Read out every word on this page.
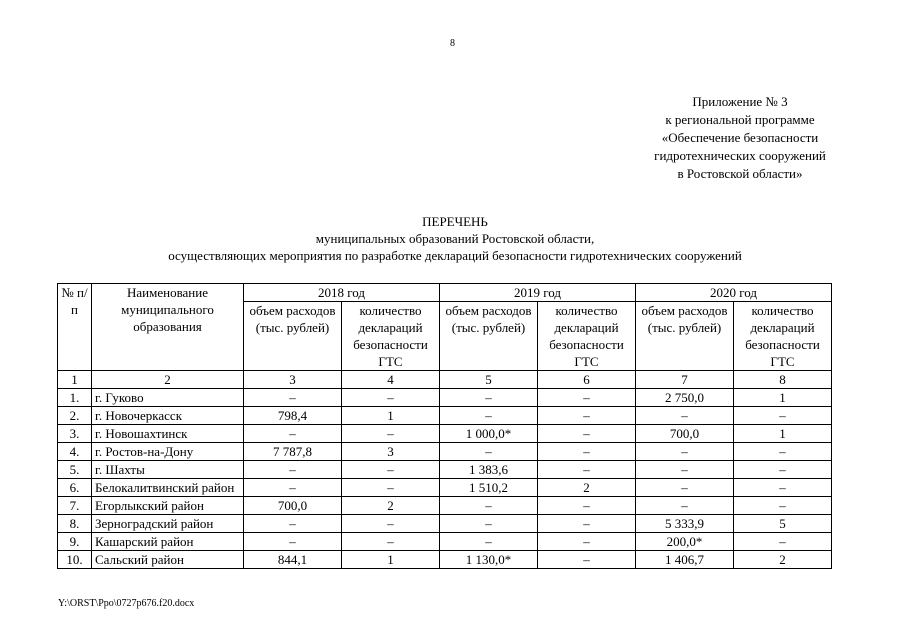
8
Приложение № 3
к региональной программе
«Обеспечение безопасности
гидротехнических сооружений
в Ростовской области»
ПЕРЕЧЕНЬ
муниципальных образований Ростовской области,
осуществляющих мероприятия по разработке деклараций безопасности гидротехнических сооружений
№ п/п	Наименование муниципального образования	2018 год		2019 год		2020 год	
		объем расходов (тыс. рублей)	количество деклараций безопасности ГТС	объем расходов (тыс. рублей)	количество деклараций безопасности ГТС	объем расходов (тыс. рублей)	количество деклараций безопасности ГТС
1	2	3	4	5	6	7	8
1.	г. Гуково	–	–	–	–	2 750,0	1
2.	г. Новочеркасск	798,4	1	–	–	–	–
3.	г. Новошахтинск	–	–	1 000,0*	–	700,0	1
4.	г. Ростов-на-Дону	7 787,8	3	–	–	–	–
5.	г. Шахты	–	–	1 383,6	–	–	–
6.	Белокалитвинский район	–	–	1 510,2	2	–	–
7.	Егорлыкский район	700,0	2	–	–	–	–
8.	Зерноградский район	–	–	–	–	5 333,9	5
9.	Кашарский район	–	–	–	–	200,0*	–
10.	Сальский район	844,1	1	1 130,0*	–	1 406,7	2
Y:\ORST\Ppo\0727p676.f20.docx
